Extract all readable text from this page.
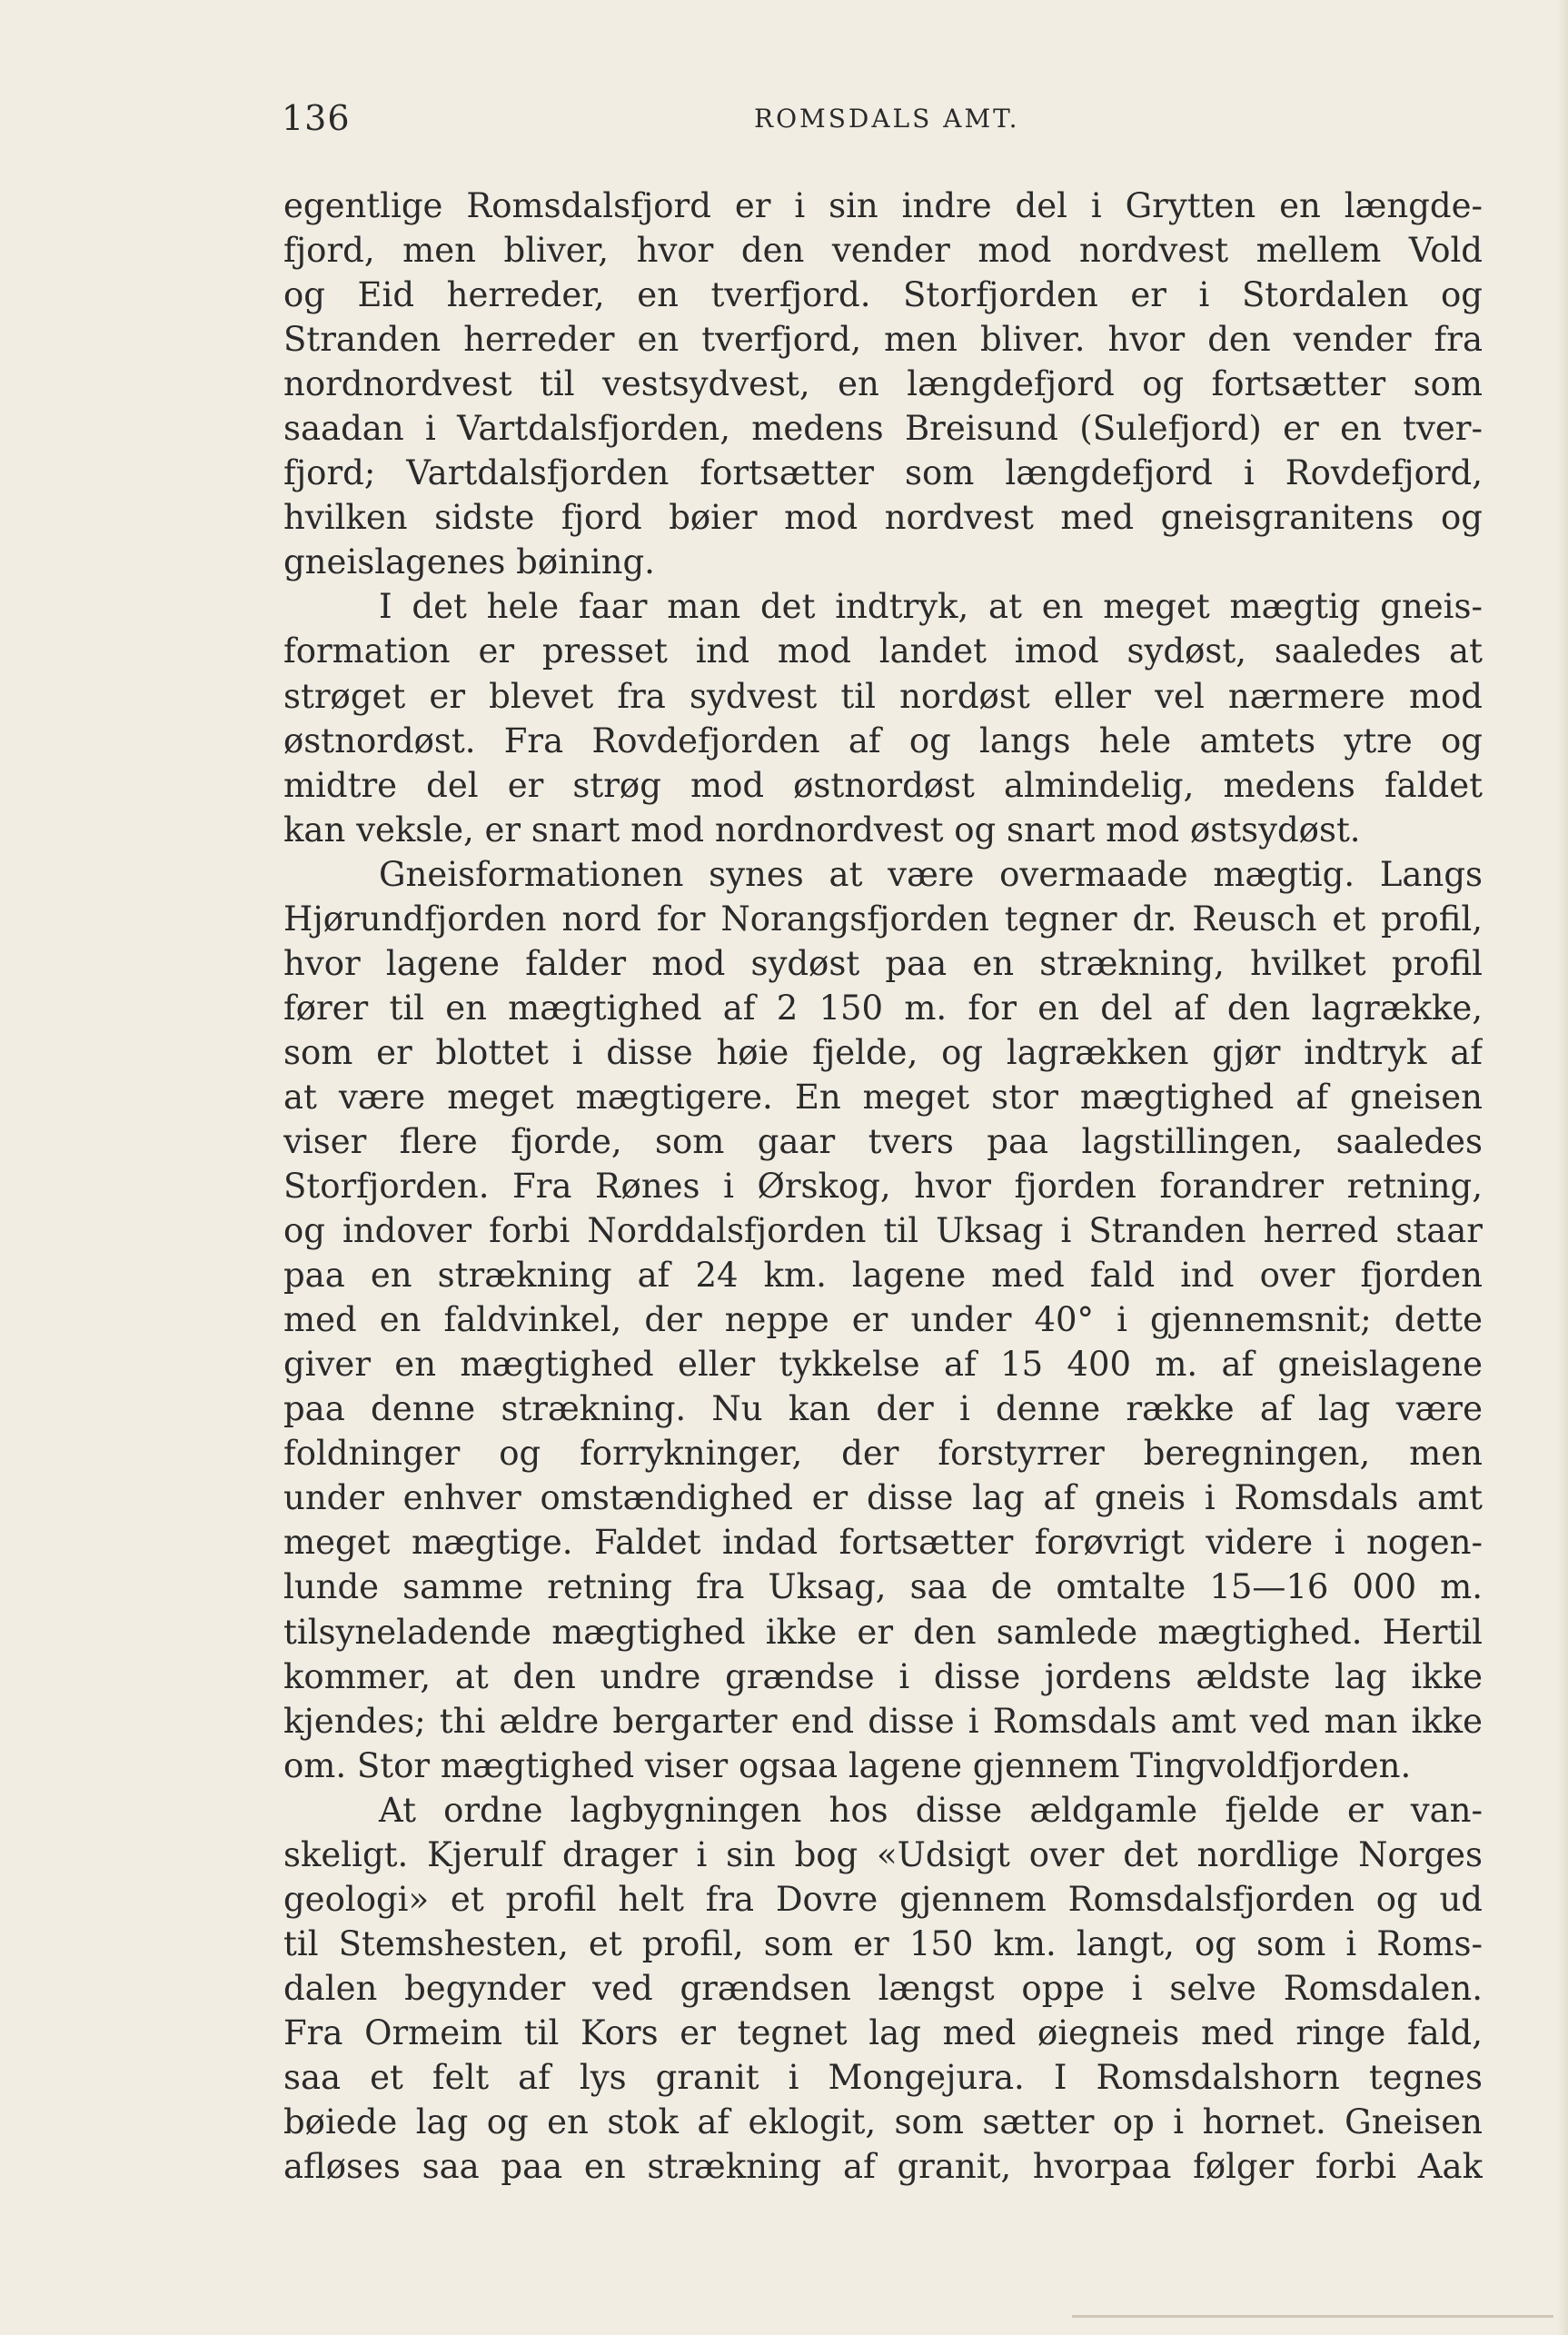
136	ROMSDALS AMT.
egentlige Romsdalsfjord er i sin indre del i Grytten en længde-
fjord, men bliver, hvor den vender mod nordvest mellem Vold
og Eid herreder, en tverfjord. Storfjorden er i Stordalen og
Stranden herreder en tverfjord, men bliver. hvor den vender fra
nordnordvest til vestsydvest, en længdefjord og fortsætter som
saadan i Vartdalsfjorden, medens Breisund (Sulefjord) er en tver-
fjord; Vartdalsfjorden fortsætter som længdefjord i Rovdefjord,
hvilken sidste fjord bøier mod nordvest med gneisgranitens og
gneislagenes bøining.
I det hele faar man det indtryk, at en meget mægtig gneis-
formation er presset ind mod landet imod sydøst, saaledes at
strøget er blevet fra sydvest til nordøst eller vel nærmere mod
østnordøst. Fra Rovdefjorden af og langs hele amtets ytre og
midtre del er strøg mod østnordøst almindelig, medens faldet
kan veksle, er snart mod nordnordvest og snart mod østsydøst.
Gneisformationen synes at være overmaade mægtig. Langs
Hjørundfjorden nord for Norangsfjorden tegner dr. Reusch et profil,
hvor lagene falder mod sydøst paa en strækning, hvilket profil
fører til en mægtighed af 2 150 m. for en del af den lagrække,
som er blottet i disse høie fjelde, og lagrækken gjør indtryk af
at være meget mægtigere. En meget stor mægtighed af gneisen
viser flere fjorde, som gaar tvers paa lagstillingen, saaledes
Storfjorden. Fra Rønes i Ørskog, hvor fjorden forandrer retning,
og indover forbi Norddalsfjorden til Uksag i Stranden herred staar
paa en strækning af 24 km. lagene med fald ind over fjorden
med en faldvinkel, der neppe er under 40° i gjennemsnit; dette
giver en mægtighed eller tykkelse af 15 400 m. af gneislagene
paa denne strækning. Nu kan der i denne række af lag være
foldninger og forrykninger, der forstyrrer beregningen, men
under enhver omstændighed er disse lag af gneis i Romsdals amt
meget mægtige. Faldet indad fortsætter forøvrigt videre i nogen-
lunde samme retning fra Uksag, saa de omtalte 15—16 000 m.
tilsyneladende mægtighed ikke er den samlede mægtighed. Hertil
kommer, at den undre grændse i disse jordens ældste lag ikke
kjendes; thi ældre bergarter end disse i Romsdals amt ved man ikke
om. Stor mægtighed viser ogsaa lagene gjennem Tingvoldfjorden.
At ordne lagbygningen hos disse ældgamle fjelde er van-
skeligt. Kjerulf drager i sin bog «Udsigt over det nordlige Norges
geologi» et profil helt fra Dovre gjennem Romsdalsfjorden og ud
til Stemshesten, et profil, som er 150 km. langt, og som i Roms-
dalen begynder ved grændsen længst oppe i selve Romsdalen.
Fra Ormeim til Kors er tegnet lag med øiegneis med ringe fald,
saa et felt af lys granit i Mongejura. I Romsdalshorn tegnes
bøiede lag og en stok af eklogit, som sætter op i hornet. Gneisen
afløses saa paa en strækning af granit, hvorpaa følger forbi Aak
